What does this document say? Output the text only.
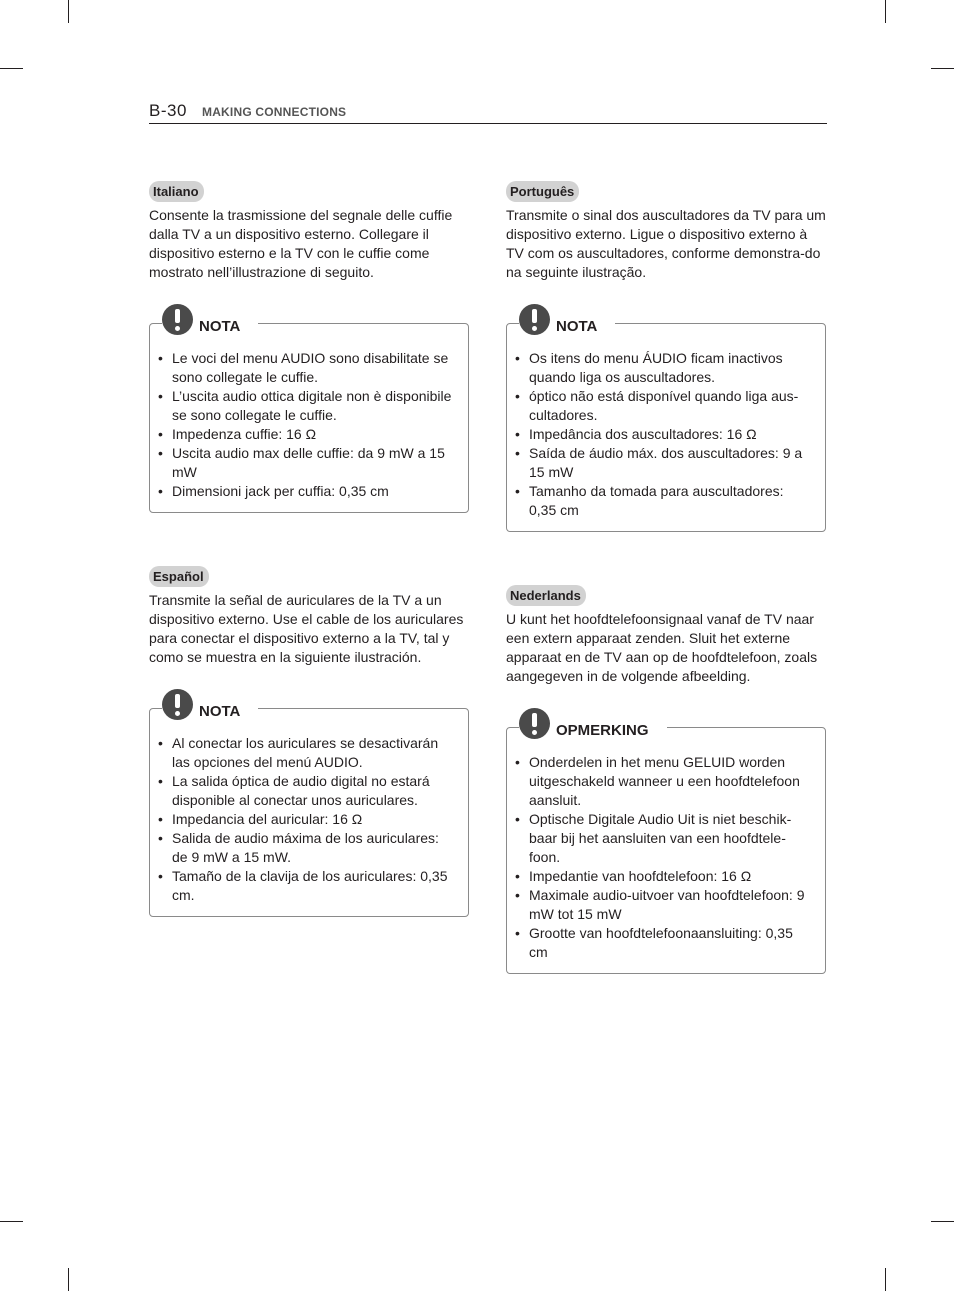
B-30 MAKING CONNECTIONS
Italiano

Consente la trasmissione del segnale delle cuffie dalla TV a un dispositivo esterno. Collegare il dispositivo esterno e la TV con le cuffie come mostrato nell’illustrazione di seguito.

NOTA
• Le voci del menu AUDIO sono disabilitate se sono collegate le cuffie.
• L’uscita audio ottica digitale non è disponibile se sono collegate le cuffie.
• Impedenza cuffie: 16 Ω
• Uscita audio max delle cuffie: da 9 mW a 15 mW
• Dimensioni jack per cuffia: 0,35 cm
Español

Transmite la señal de auriculares de la TV a un dispositivo externo. Use el cable de los auriculares para conectar el dispositivo externo a la TV, tal y como se muestra en la siguiente ilustración.

NOTA
• Al conectar los auriculares se desactivarán las opciones del menú AUDIO.
• La salida óptica de audio digital no estará disponible al conectar unos auriculares.
• Impedancia del auricular: 16 Ω
• Salida de audio máxima de los auriculares: de 9 mW a 15 mW.
• Tamaño de la clavija de los auriculares: 0,35 cm.
Português

Transmite o sinal dos auscultadores da TV para um dispositivo externo. Ligue o dispositivo externo à TV com os auscultadores, conforme demonstra-do na seguinte ilustração.

NOTA
• Os itens do menu ÁUDIO ficam inactivos quando liga os auscultadores.
• óptico não está disponível quando liga aus-cultadores.
• Impedância dos auscultadores: 16 Ω
• Saída de áudio máx. dos auscultadores: 9 a 15 mW
• Tamanho da tomada para auscultadores: 0,35 cm
Nederlands

U kunt het hoofdtelefoonsignaal vanaf de TV naar een extern apparaat zenden. Sluit het externe apparaat en de TV aan op de hoofdtelefoon, zoals aangegeven in de volgende afbeelding.

OPMERKING
• Onderdelen in het menu GELUID worden uitgeschakeld wanneer u een hoofdtelefoon aansluit.
• Optische Digitale Audio Uit is niet beschik-baar bij het aansluiten van een hoofdtele-foon.
• Impedantie van hoofdtelefoon: 16 Ω
• Maximale audio-uitvoer van hoofdtelefoon: 9 mW tot 15 mW
• Grootte van hoofdtelefoonaansluiting: 0,35 cm
